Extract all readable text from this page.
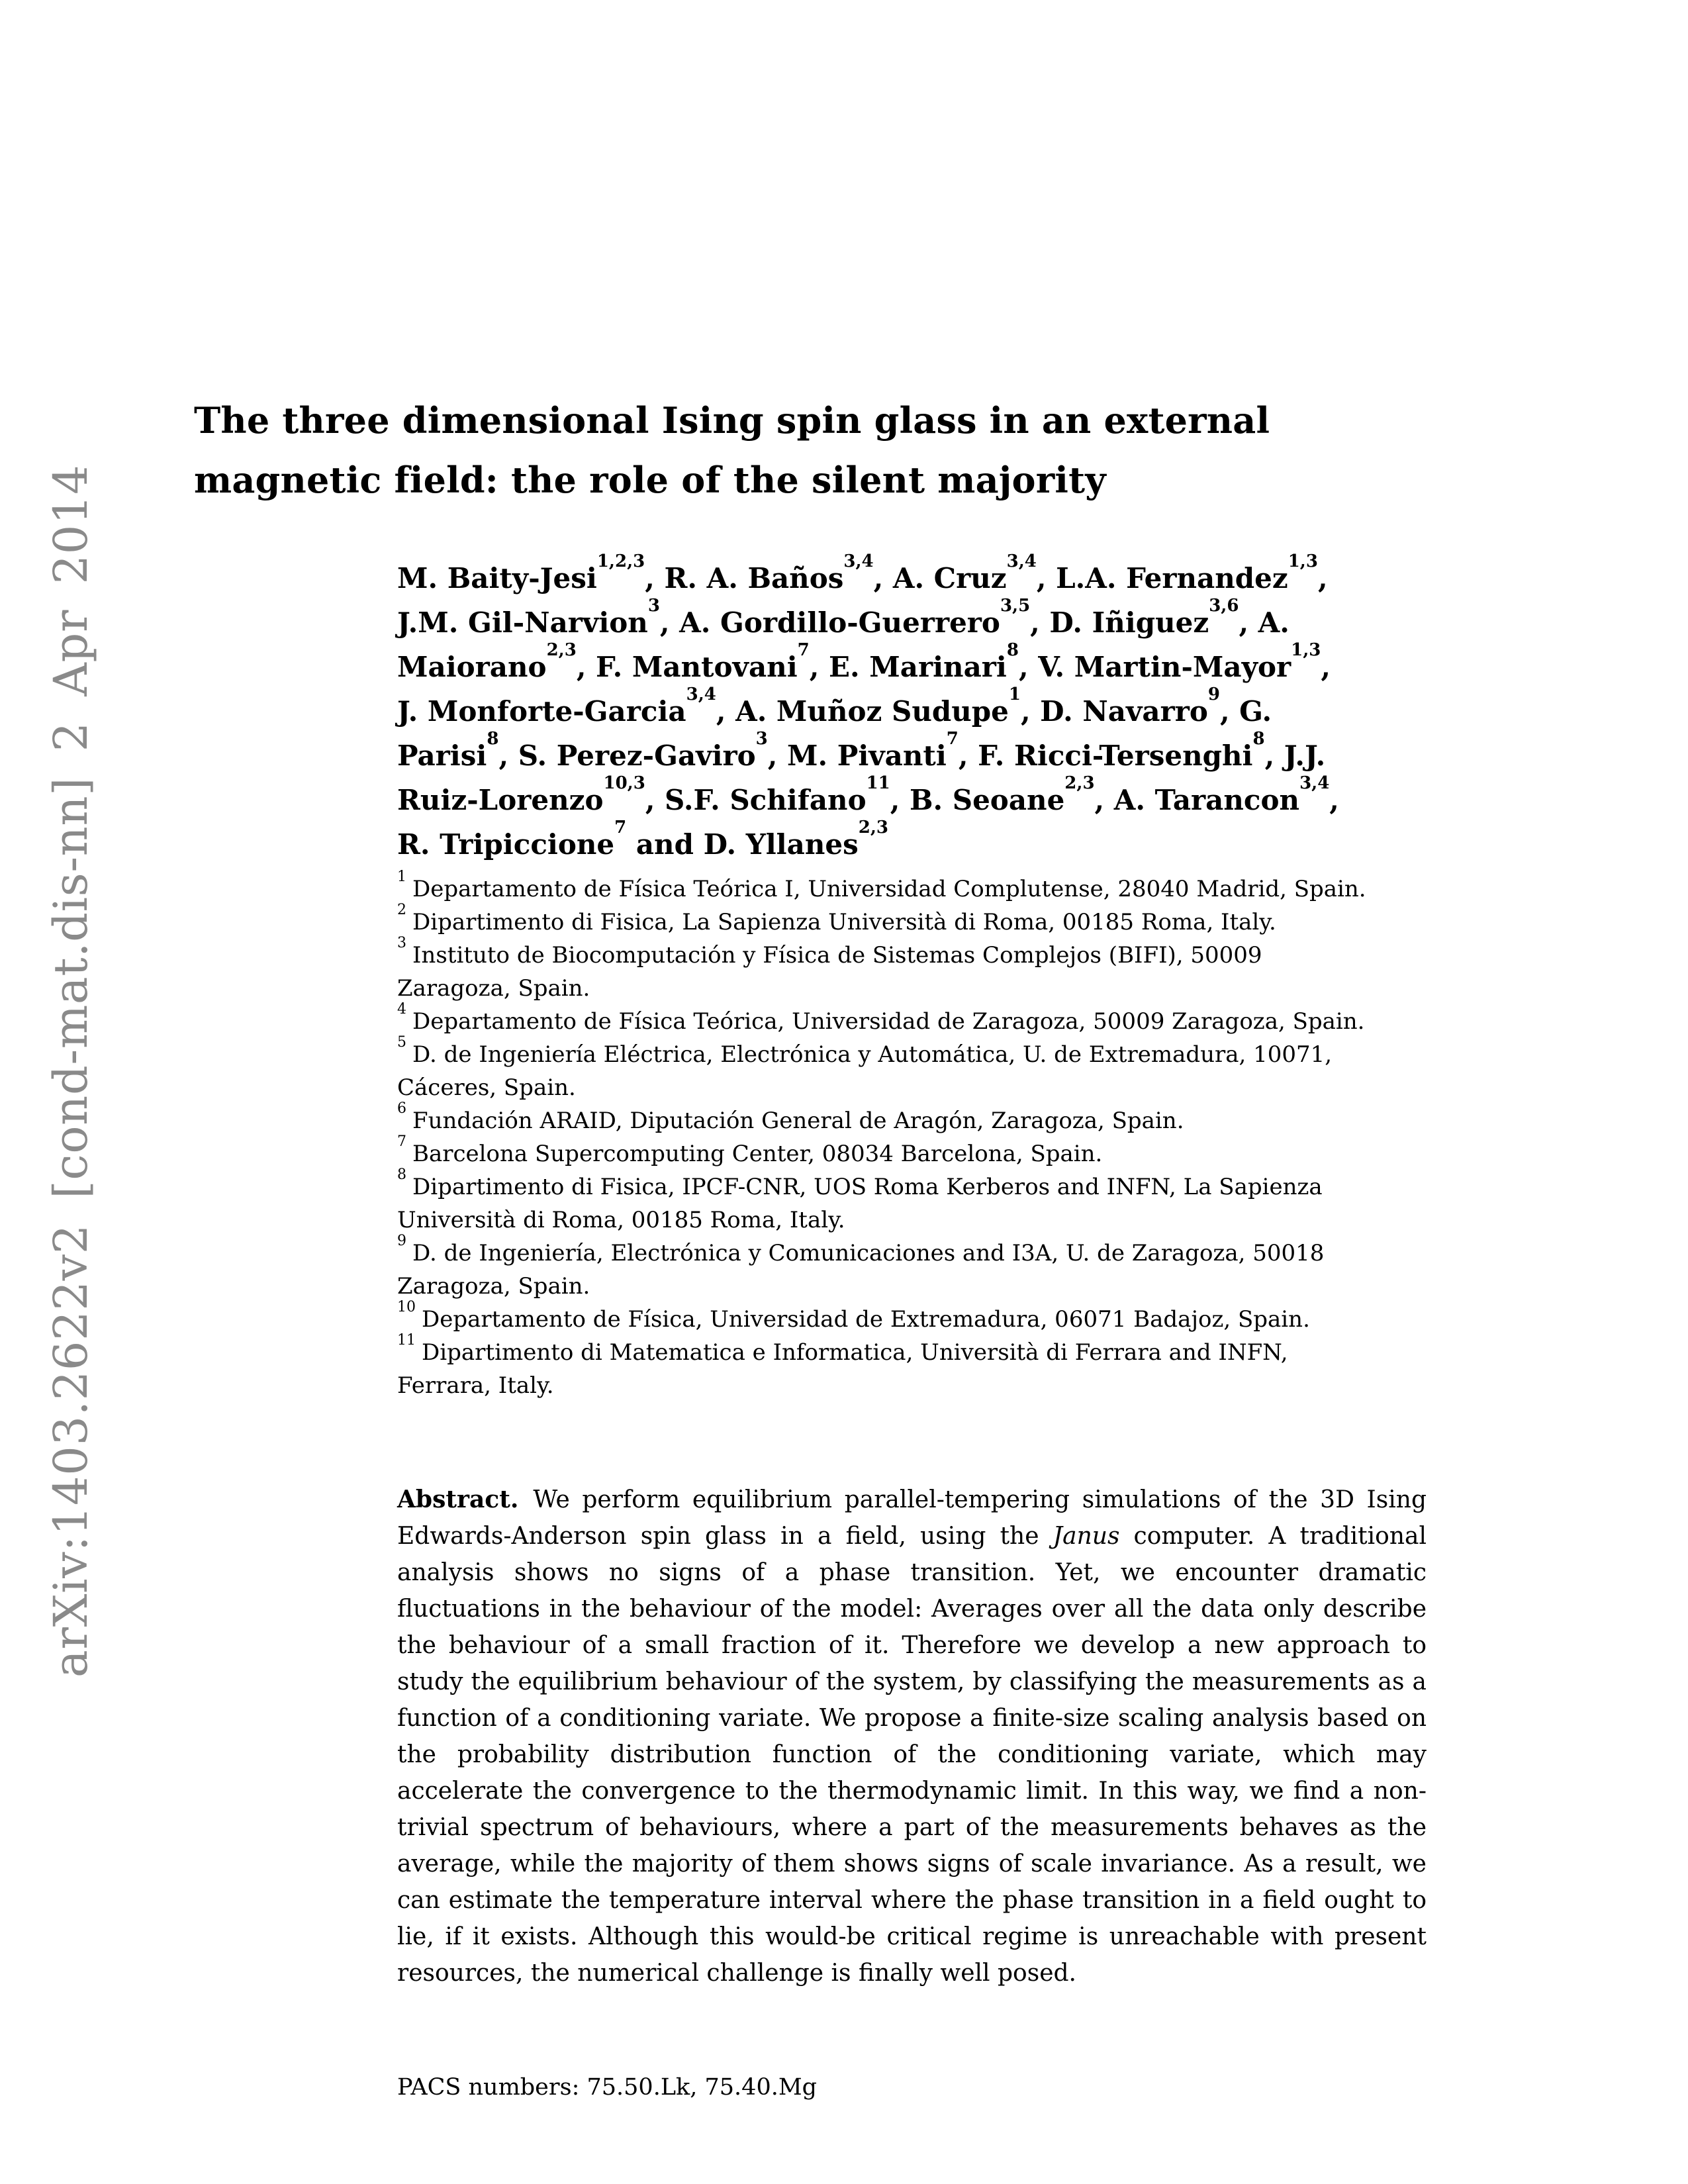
arXiv:1403.2622v2 [cond-mat.dis-nn] 2 Apr 2014
The three dimensional Ising spin glass in an external
magnetic field: the role of the silent majority
M. Baity-Jesi$^{1,2,3}$, R. A. Baños$^{3,4}$, A. Cruz$^{3,4}$, L.A. Fernandez$^{1,3}$,
J.M. Gil-Narvion$^3$, A. Gordillo-Guerrero$^{3,5}$, D. Iñiguez$^{3,6}$, A.
Maiorano$^{2,3}$, F. Mantovani$^7$, E. Marinari$^8$, V. Martin-Mayor$^{1,3}$,
J. Monforte-Garcia$^{3,4}$, A. Muñoz Sudupe$^1$, D. Navarro$^9$, G.
Parisi$^8$, S. Perez-Gaviro$^3$, M. Pivanti$^7$, F. Ricci-Tersenghi$^8$, J.J.
Ruiz-Lorenzo$^{10,3}$, S.F. Schifano$^{11}$, B. Seoane$^{2,3}$, A. Tarancon$^{3,4}$,
R. Tripiccione$^7$ and D. Yllanes$^{2,3}$
$^1$ Departamento de Física Teórica I, Universidad Complutense, 28040 Madrid, Spain.
$^2$ Dipartimento di Fisica, La Sapienza Università di Roma, 00185 Roma, Italy.
$^3$ Instituto de Biocomputación y Física de Sistemas Complejos (BIFI), 50009
Zaragoza, Spain.
$^4$ Departamento de Física Teórica, Universidad de Zaragoza, 50009 Zaragoza, Spain.
$^5$ D. de Ingeniería Eléctrica, Electrónica y Automática, U. de Extremadura, 10071,
Cáceres, Spain.
$^6$ Fundación ARAID, Diputación General de Aragón, Zaragoza, Spain.
$^7$ Barcelona Supercomputing Center, 08034 Barcelona, Spain.
$^8$ Dipartimento di Fisica, IPCF-CNR, UOS Roma Kerberos and INFN, La Sapienza
Università di Roma, 00185 Roma, Italy.
$^9$ D. de Ingeniería, Electrónica y Comunicaciones and I3A, U. de Zaragoza, 50018
Zaragoza, Spain.
$^{10}$ Departamento de Física, Universidad de Extremadura, 06071 Badajoz, Spain.
$^{11}$ Dipartimento di Matematica e Informatica, Università di Ferrara and INFN,
Ferrara, Italy.
Abstract. We perform equilibrium parallel-tempering simulations of the 3D Ising Edwards-Anderson spin glass in a field, using the Janus computer. A traditional analysis shows no signs of a phase transition. Yet, we encounter dramatic fluctuations in the behaviour of the model: Averages over all the data only describe the behaviour of a small fraction of it. Therefore we develop a new approach to study the equilibrium behaviour of the system, by classifying the measurements as a function of a conditioning variate. We propose a finite-size scaling analysis based on the probability distribution function of the conditioning variate, which may accelerate the convergence to the thermodynamic limit. In this way, we find a non-trivial spectrum of behaviours, where a part of the measurements behaves as the average, while the majority of them shows signs of scale invariance. As a result, we can estimate the temperature interval where the phase transition in a field ought to lie, if it exists. Although this would-be critical regime is unreachable with present resources, the numerical challenge is finally well posed.
PACS numbers: 75.50.Lk, 75.40.Mg
